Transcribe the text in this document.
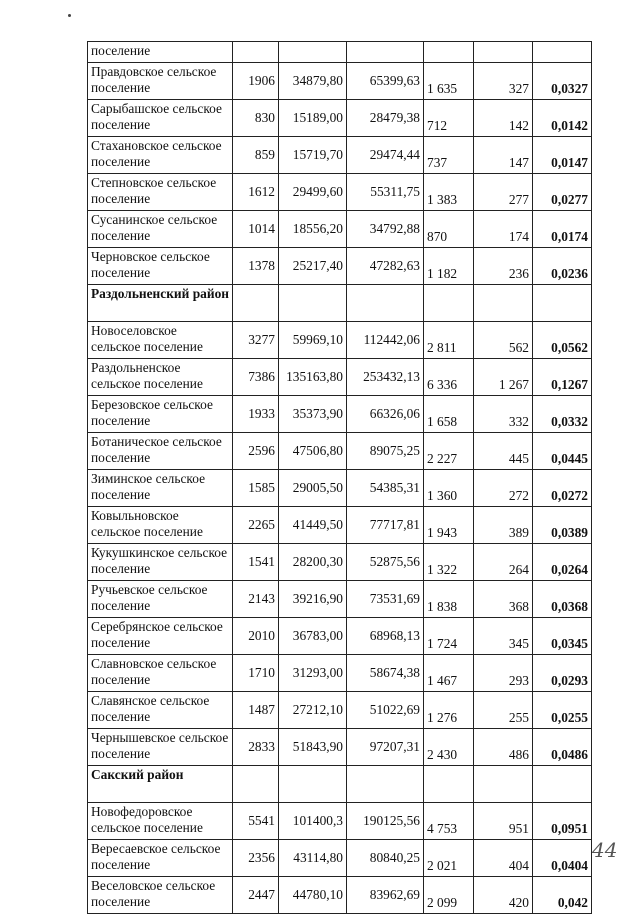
поселение						
Правдовское сельское поселение	1906	34879,80	65399,63	1 635	327	0,0327
Сарыбашское сельское поселение	830	15189,00	28479,38	712	142	0,0142
Стахановское сельское поселение	859	15719,70	29474,44	737	147	0,0147
Степновское сельское поселение	1612	29499,60	55311,75	1 383	277	0,0277
Сусанинское сельское поселение	1014	18556,20	34792,88	870	174	0,0174
Черновское сельское поселение	1378	25217,40	47282,63	1 182	236	0,0236
Раздольненский район						
Новоселовское сельское поселение	3277	59969,10	112442,06	2 811	562	0,0562
Раздольненское сельское поселение	7386	135163,80	253432,13	6 336	1 267	0,1267
Березовское сельское поселение	1933	35373,90	66326,06	1 658	332	0,0332
Ботаническое сельское поселение	2596	47506,80	89075,25	2 227	445	0,0445
Зиминское сельское поселение	1585	29005,50	54385,31	1 360	272	0,0272
Ковыльновское сельское поселение	2265	41449,50	77717,81	1 943	389	0,0389
Кукушкинское сельское поселение	1541	28200,30	52875,56	1 322	264	0,0264
Ручьевское сельское поселение	2143	39216,90	73531,69	1 838	368	0,0368
Серебрянское сельское поселение	2010	36783,00	68968,13	1 724	345	0,0345
Славновское сельское поселение	1710	31293,00	58674,38	1 467	293	0,0293
Славянское сельское поселение	1487	27212,10	51022,69	1 276	255	0,0255
Чернышевское сельское поселение	2833	51843,90	97207,31	2 430	486	0,0486
Сакский район						
Новофедоровское сельское поселение	5541	101400,3	190125,56	4 753	951	0,0951
Вересаевское сельское поселение	2356	43114,80	80840,25	2 021	404	0,0404
Веселовское сельское поселение	2447	44780,10	83962,69	2 099	420	0,042
44
